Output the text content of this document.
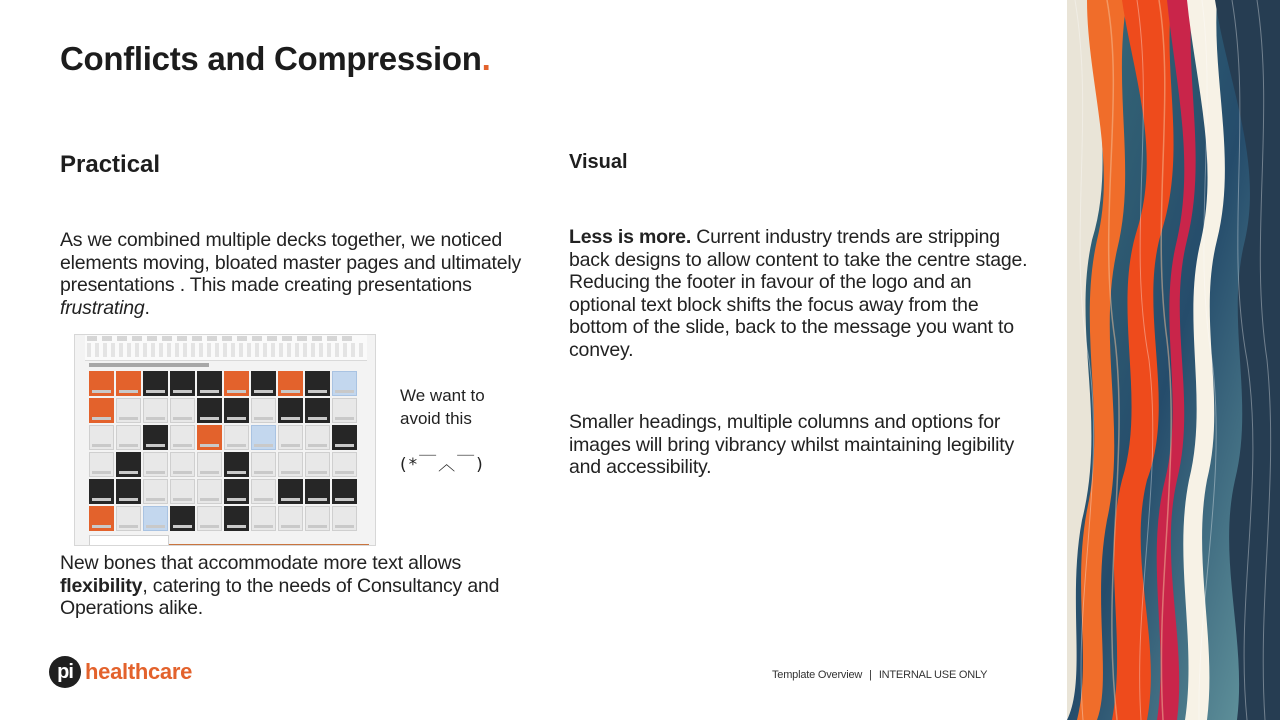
Conflicts and Compression.
Practical	Visual
As we combined multiple decks together, we noticed elements moving, bloated master pages and ultimately presentations . This made creating presentations frustrating.
We want to avoid this
(*￣︿￣)
New bones that accommodate more text allows flexibility, catering to the needs of Consultancy and Operations alike.
Less is more. Current industry trends are stripping back designs to allow content to take the centre stage. Reducing the footer in favour of the logo and an optional text block shifts the focus away from the bottom of the slide, back to the message you want to convey.
Smaller headings, multiple columns and options for images will bring vibrancy whilst maintaining legibility and accessibility.
pi healthcare	Template Overview | INTERNAL USE ONLY
